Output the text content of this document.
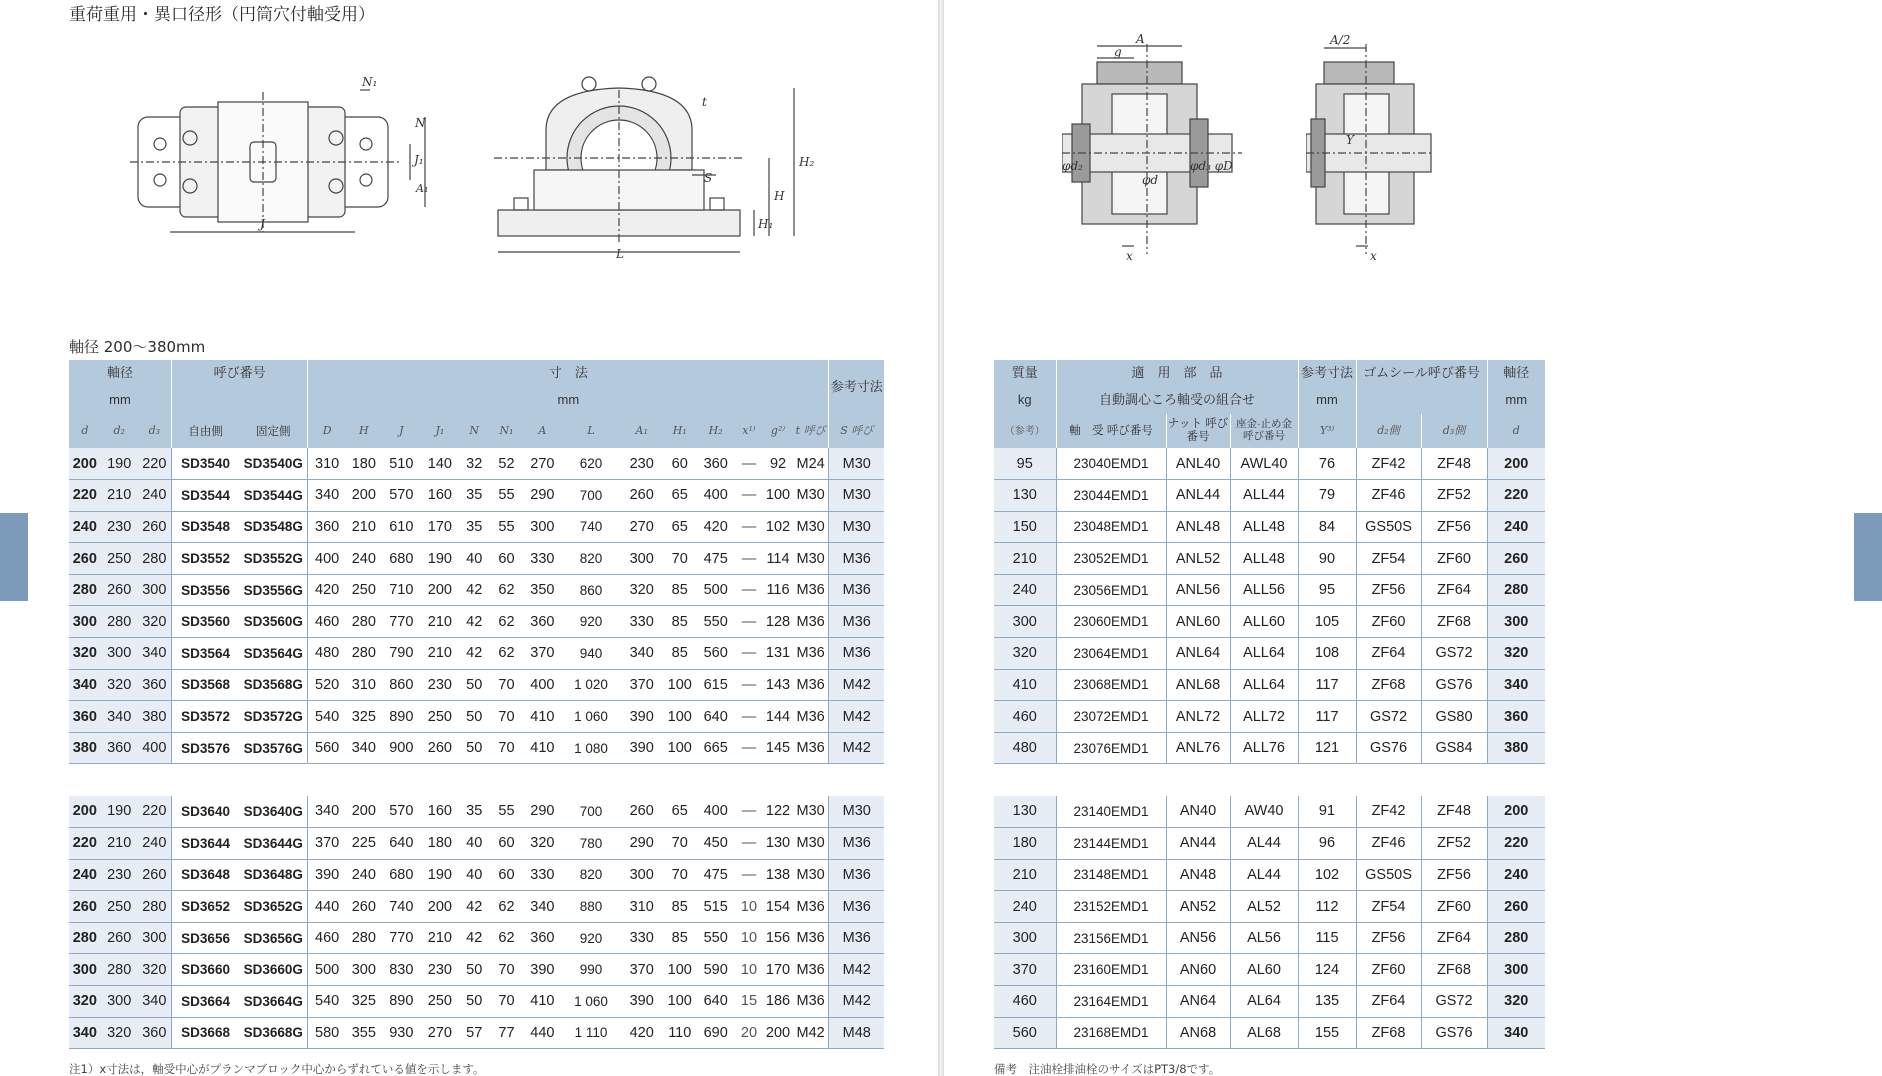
重荷重用・異口径形（円筒穴付軸受用）
N₁
N
J₁
A₁
J
t
H₂
H
H₁
S
L
軸径 200〜380mm
軸径			呼び番号		寸　法														参考寸法
mm					mm														
d	d₂	d₃	自由側	固定側	D	H	J	J₁	N	N₁	A	L	A₁	H₁	H₂	x¹⁾	g²⁾	t 呼び	S 呼び
200	190	220	SD3540	SD3540G	310	180	510	140	32	52	270	620	230	60	360	—	92	M24	M30
220	210	240	SD3544	SD3544G	340	200	570	160	35	55	290	700	260	65	400	—	100	M30	M30
240	230	260	SD3548	SD3548G	360	210	610	170	35	55	300	740	270	65	420	—	102	M30	M30
260	250	280	SD3552	SD3552G	400	240	680	190	40	60	330	820	300	70	475	—	114	M30	M36
280	260	300	SD3556	SD3556G	420	250	710	200	42	62	350	860	320	85	500	—	116	M36	M36
300	280	320	SD3560	SD3560G	460	280	770	210	42	62	360	920	330	85	550	—	128	M36	M36
320	300	340	SD3564	SD3564G	480	280	790	210	42	62	370	940	340	85	560	—	131	M36	M36
340	320	360	SD3568	SD3568G	520	310	860	230	50	70	400	1 020	370	100	615	—	143	M36	M42
360	340	380	SD3572	SD3572G	540	325	890	250	50	70	410	1 060	390	100	640	—	144	M36	M42
380	360	400	SD3576	SD3576G	560	340	900	260	50	70	410	1 080	390	100	665	—	145	M36	M42

200	190	220	SD3640	SD3640G	340	200	570	160	35	55	290	700	260	65	400	—	122	M30	M30
220	210	240	SD3644	SD3644G	370	225	640	180	40	60	320	780	290	70	450	—	130	M30	M36
240	230	260	SD3648	SD3648G	390	240	680	190	40	60	330	820	300	70	475	—	138	M30	M36
260	250	280	SD3652	SD3652G	440	260	740	200	42	62	340	880	310	85	515	10	154	M36	M36
280	260	300	SD3656	SD3656G	460	280	770	210	42	62	360	920	330	85	550	10	156	M36	M36
300	280	320	SD3660	SD3660G	500	300	830	230	50	70	390	990	370	100	590	10	170	M36	M42
320	300	340	SD3664	SD3664G	540	325	890	250	50	70	410	1 060	390	100	640	15	186	M36	M42
340	320	360	SD3668	SD3668G	580	355	930	270	57	77	440	1 110	420	110	690	20	200	M42	M48
注1）x寸法は，軸受中心がプランマブロック中心からずれている値を示します。
A
g
φd₂
φd
φd₃ φD
x
A/2
Y
x
質量	適　用　部　品			参考寸法	ゴムシール呼び番号		軸径
kg	自動調心ころ軸受の組合せ			mm			mm
（参考）	軸　受 呼び番号	ナット 呼び番号	座金·止め金 呼び番号	Y³⁾	d₂側	d₃側	d
95	23040EMD1	ANL40	AWL40	76	ZF42	ZF48	200
130	23044EMD1	ANL44	ALL44	79	ZF46	ZF52	220
150	23048EMD1	ANL48	ALL48	84	GS50S	ZF56	240
210	23052EMD1	ANL52	ALL48	90	ZF54	ZF60	260
240	23056EMD1	ANL56	ALL56	95	ZF56	ZF64	280
300	23060EMD1	ANL60	ALL60	105	ZF60	ZF68	300
320	23064EMD1	ANL64	ALL64	108	ZF64	GS72	320
410	23068EMD1	ANL68	ALL64	117	ZF68	GS76	340
460	23072EMD1	ANL72	ALL72	117	GS72	GS80	360
480	23076EMD1	ANL76	ALL76	121	GS76	GS84	380

130	23140EMD1	AN40	AW40	91	ZF42	ZF48	200
180	23144EMD1	AN44	AL44	96	ZF46	ZF52	220
210	23148EMD1	AN48	AL44	102	GS50S	ZF56	240
240	23152EMD1	AN52	AL52	112	ZF54	ZF60	260
300	23156EMD1	AN56	AL56	115	ZF56	ZF64	280
370	23160EMD1	AN60	AL60	124	ZF60	ZF68	300
460	23164EMD1	AN64	AL64	135	ZF64	GS72	320
560	23168EMD1	AN68	AL68	155	ZF68	GS76	340
備考　注油栓排油栓のサイズはPT3/8です。
